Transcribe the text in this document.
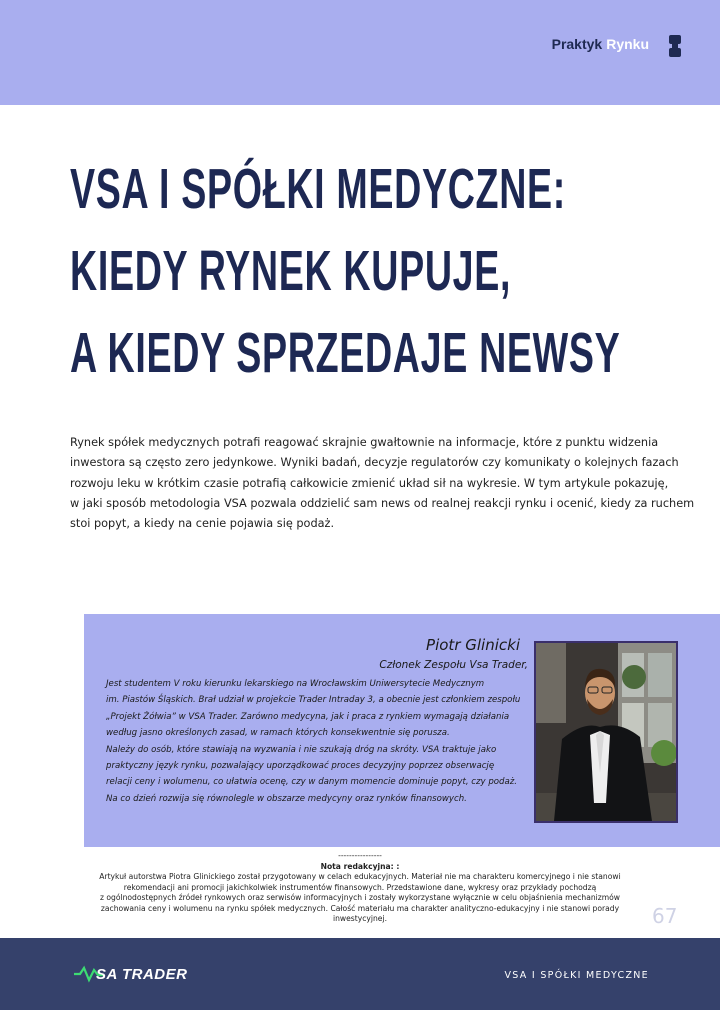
Praktyk Rynku
VSA I SPÓŁKI MEDYCZNE:
KIEDY RYNEK KUPUJE,
A KIEDY SPRZEDAJE NEWSY

Rynek spółek medycznych potrafi reagować skrajnie gwałtownie na informacje, które z punktu widzenia
inwestora są często zero jedynkowe. Wyniki badań, decyzje regulatorów czy komunikaty o kolejnych fazach
rozwoju leku w krótkim czasie potrafią całkowicie zmienić układ sił na wykresie. W tym artykule pokazuję,
w jaki sposób metodologia VSA pozwala oddzielić sam news od realnej reakcji rynku i ocenić, kiedy za ruchem
stoi popyt, a kiedy na cenie pojawia się podaż.

Piotr Glinicki
Członek Zespołu Vsa Trader,

Jest studentem V roku kierunku lekarskiego na Wrocławskim Uniwersytecie Medycznym
im. Piastów Śląskich. Brał udział w projekcie Trader Intraday 3, a obecnie jest członkiem zespołu
„Projekt Żółwia” w VSA Trader. Zarówno medycyna, jak i praca z rynkiem wymagają działania
według jasno określonych zasad, w ramach których konsekwentnie się porusza.
Należy do osób, które stawiają na wyzwania i nie szukają dróg na skróty. VSA traktuje jako
praktyczny język rynku, pozwalający uporządkować proces decyzyjny poprzez obserwację
relacji ceny i wolumenu, co ułatwia ocenę, czy w danym momencie dominuje popyt, czy podaż.
Na co dzień rozwija się równolegle w obszarze medycyny oraz rynków finansowych.

----------------
Nota redakcyjna: :
Artykuł autorstwa Piotra Glinickiego został przygotowany w celach edukacyjnych. Materiał nie ma charakteru komercyjnego i nie stanowi
rekomendacji ani promocji jakichkolwiek instrumentów finansowych. Przedstawione dane, wykresy oraz przykłady pochodzą
z ogólnodostępnych źródeł rynkowych oraz serwisów informacyjnych i zostały wykorzystane wyłącznie w celu objaśnienia mechanizmów
zachowania ceny i wolumenu na rynku spółek medycznych. Całość materiału ma charakter analityczno-edukacyjny i nie stanowi porady
inwestycyjnej.	67
SA TRADER	VSA I SPÓŁKI MEDYCZNE
